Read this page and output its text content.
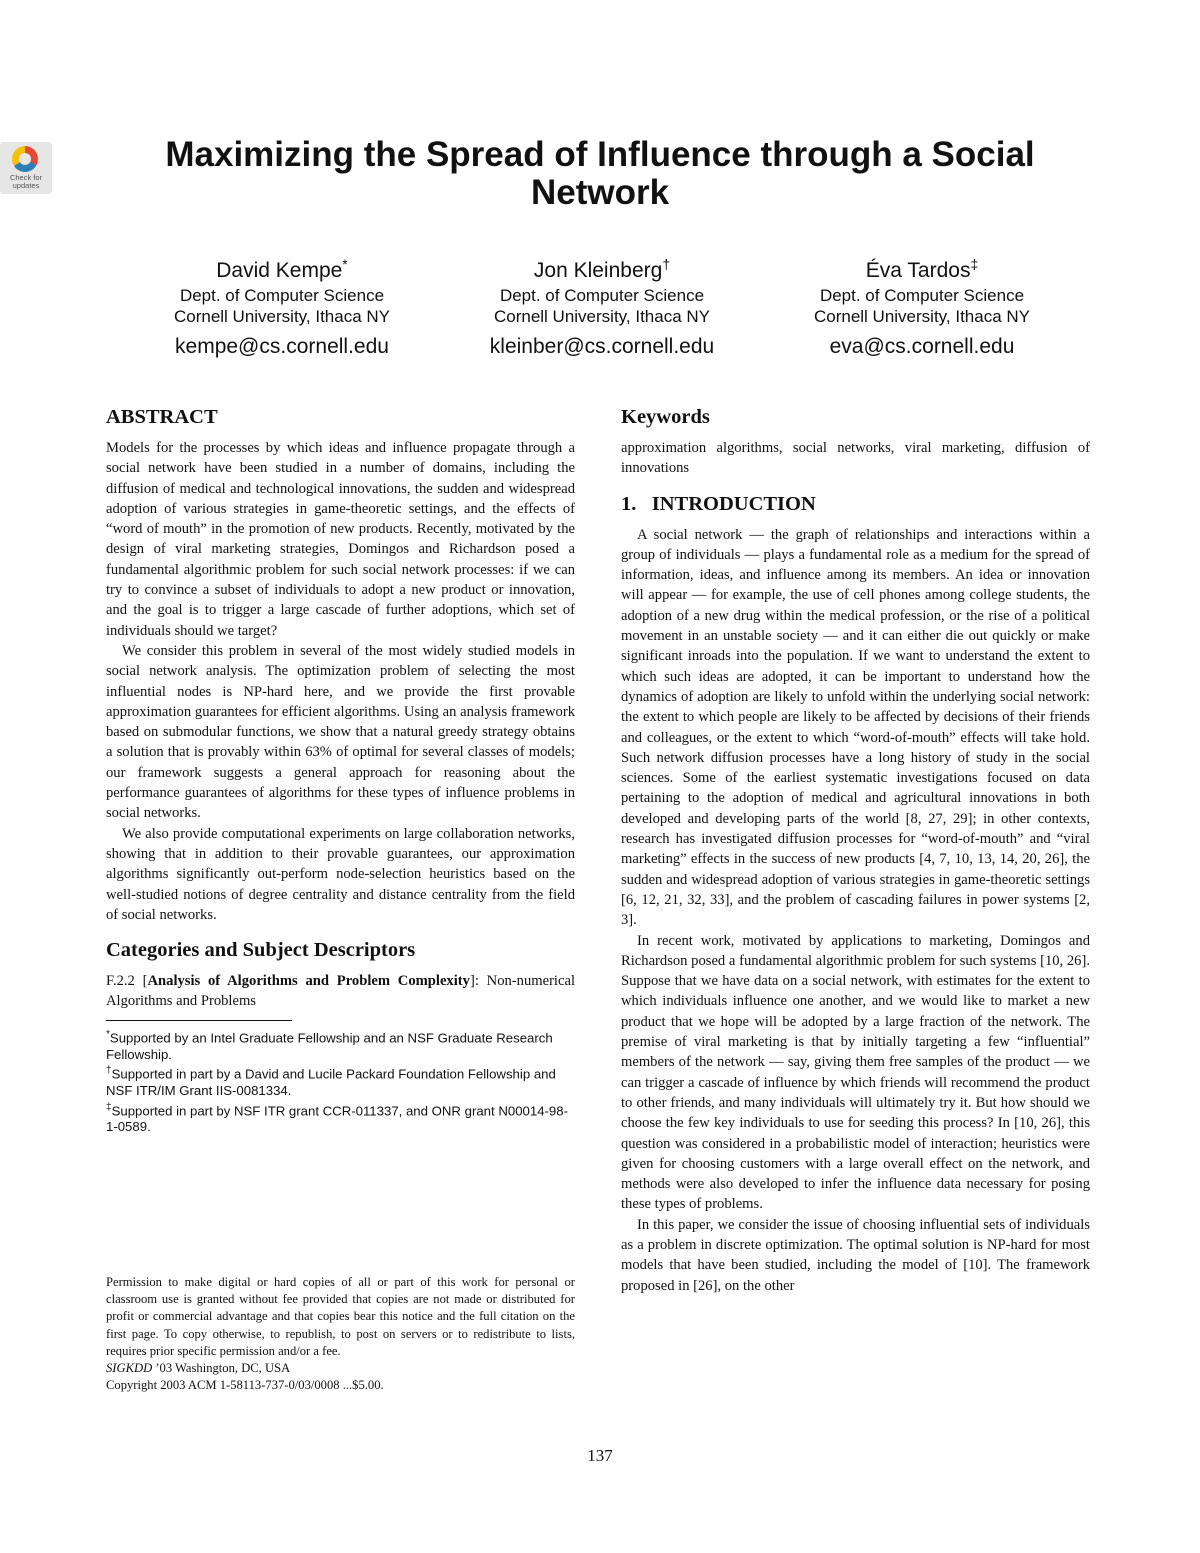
Check for updates
Maximizing the Spread of Influence through a Social Network
David Kempe*
Dept. of Computer Science
Cornell University, Ithaca NY
kempe@cs.cornell.edu
Jon Kleinberg†
Dept. of Computer Science
Cornell University, Ithaca NY
kleinber@cs.cornell.edu
Éva Tardos‡
Dept. of Computer Science
Cornell University, Ithaca NY
eva@cs.cornell.edu
ABSTRACT

Models for the processes by which ideas and influence propagate through a social network have been studied in a number of domains, including the diffusion of medical and technological innovations, the sudden and widespread adoption of various strategies in game-theoretic settings, and the effects of “word of mouth” in the promotion of new products. Recently, motivated by the design of viral marketing strategies, Domingos and Richardson posed a fundamental algorithmic problem for such social network processes: if we can try to convince a subset of individuals to adopt a new product or innovation, and the goal is to trigger a large cascade of further adoptions, which set of individuals should we target?

We consider this problem in several of the most widely studied models in social network analysis. The optimization problem of selecting the most influential nodes is NP-hard here, and we provide the first provable approximation guarantees for efficient algorithms. Using an analysis framework based on submodular functions, we show that a natural greedy strategy obtains a solution that is provably within 63% of optimal for several classes of models; our framework suggests a general approach for reasoning about the performance guarantees of algorithms for these types of influence problems in social networks.

We also provide computational experiments on large collaboration networks, showing that in addition to their provable guarantees, our approximation algorithms significantly out-perform node-selection heuristics based on the well-studied notions of degree centrality and distance centrality from the field of social networks.

Categories and Subject Descriptors

F.2.2 [Analysis of Algorithms and Problem Complexity]: Non-numerical Algorithms and Problems

*Supported by an Intel Graduate Fellowship and an NSF Graduate Research Fellowship.

†Supported in part by a David and Lucile Packard Foundation Fellowship and NSF ITR/IM Grant IIS-0081334.

‡Supported in part by NSF ITR grant CCR-011337, and ONR grant N00014-98-1-0589.

Permission to make digital or hard copies of all or part of this work for personal or classroom use is granted without fee provided that copies are not made or distributed for profit or commercial advantage and that copies bear this notice and the full citation on the first page. To copy otherwise, to republish, to post on servers or to redistribute to lists, requires prior specific permission and/or a fee.

SIGKDD ’03 Washington, DC, USA

Copyright 2003 ACM 1-58113-737-0/03/0008 ...$5.00.

Keywords

approximation algorithms, social networks, viral marketing, diffusion of innovations

1.   INTRODUCTION

A social network — the graph of relationships and interactions within a group of individuals — plays a fundamental role as a medium for the spread of information, ideas, and influence among its members. An idea or innovation will appear — for example, the use of cell phones among college students, the adoption of a new drug within the medical profession, or the rise of a political movement in an unstable society — and it can either die out quickly or make significant inroads into the population. If we want to understand the extent to which such ideas are adopted, it can be important to understand how the dynamics of adoption are likely to unfold within the underlying social network: the extent to which people are likely to be affected by decisions of their friends and colleagues, or the extent to which “word-of-mouth” effects will take hold. Such network diffusion processes have a long history of study in the social sciences. Some of the earliest systematic investigations focused on data pertaining to the adoption of medical and agricultural innovations in both developed and developing parts of the world [8, 27, 29]; in other contexts, research has investigated diffusion processes for “word-of-mouth” and “viral marketing” effects in the success of new products [4, 7, 10, 13, 14, 20, 26], the sudden and widespread adoption of various strategies in game-theoretic settings [6, 12, 21, 32, 33], and the problem of cascading failures in power systems [2, 3].

In recent work, motivated by applications to marketing, Domingos and Richardson posed a fundamental algorithmic problem for such systems [10, 26]. Suppose that we have data on a social network, with estimates for the extent to which individuals influence one another, and we would like to market a new product that we hope will be adopted by a large fraction of the network. The premise of viral marketing is that by initially targeting a few “influential” members of the network — say, giving them free samples of the product — we can trigger a cascade of influence by which friends will recommend the product to other friends, and many individuals will ultimately try it. But how should we choose the few key individuals to use for seeding this process? In [10, 26], this question was considered in a probabilistic model of interaction; heuristics were given for choosing customers with a large overall effect on the network, and methods were also developed to infer the influence data necessary for posing these types of problems.

In this paper, we consider the issue of choosing influential sets of individuals as a problem in discrete optimization. The optimal solution is NP-hard for most models that have been studied, including the model of [10]. The framework proposed in [26], on the other

137
